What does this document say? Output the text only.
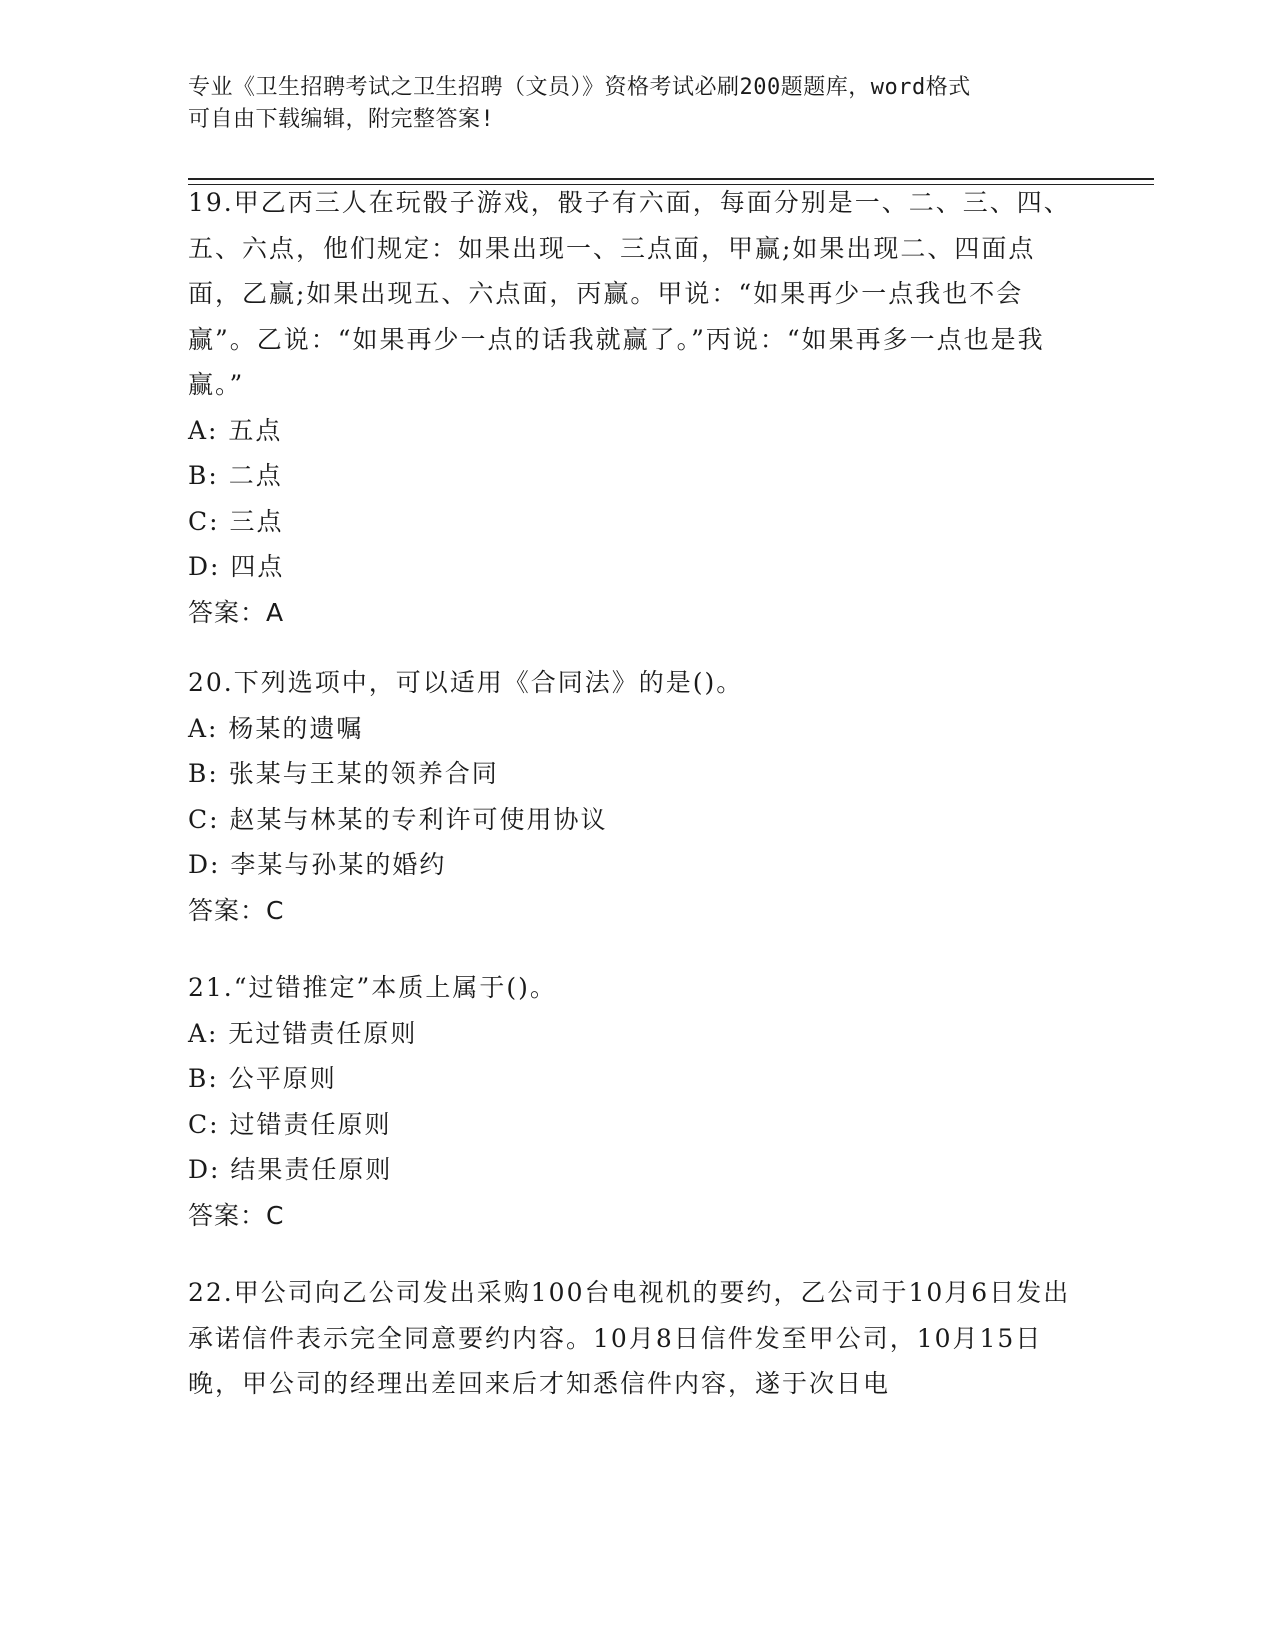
专业《卫生招聘考试之卫生招聘（文员）》资格考试必刷200题题库，word格式
可自由下载编辑，附完整答案!
19.甲乙丙三人在玩骰子游戏，骰子有六面，每面分别是一、二、三、四、五、六点，他们规定：如果出现一、三点面，甲赢;如果出现二、四面点面，乙赢;如果出现五、六点面，丙赢。甲说：“如果再少一点我也不会赢”。乙说：“如果再少一点的话我就赢了。”丙说：“如果再多一点也是我赢。”
A: 五点
B: 二点
C: 三点
D: 四点
答案：A
20.下列选项中，可以适用《合同法》的是()。
A: 杨某的遗嘱
B: 张某与王某的领养合同
C: 赵某与林某的专利许可使用协议
D: 李某与孙某的婚约
答案：C
21.“过错推定”本质上属于()。
A: 无过错责任原则
B: 公平原则
C: 过错责任原则
D: 结果责任原则
答案：C
22.甲公司向乙公司发出采购100台电视机的要约，乙公司于10月6日发出承诺信件表示完全同意要约内容。10月8日信件发至甲公司，10月15日晚，甲公司的经理出差回来后才知悉信件内容，遂于次日电
